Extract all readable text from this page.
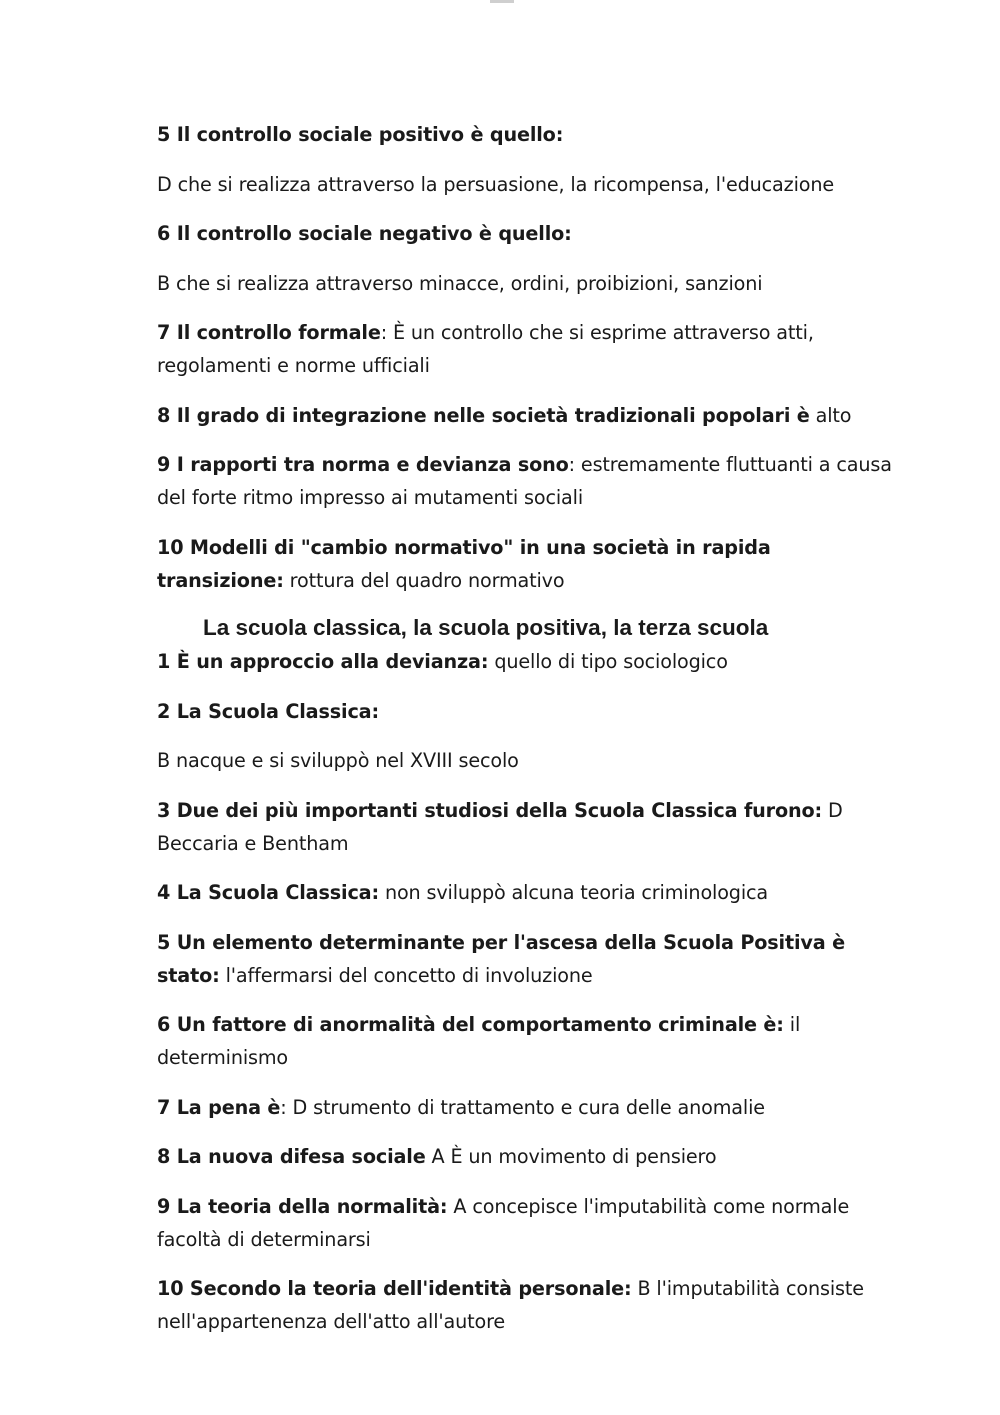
5 Il controllo sociale positivo è quello:

D che si realizza attraverso la persuasione, la ricompensa, l'educazione

6 Il controllo sociale negativo è quello:

B che si realizza attraverso minacce, ordini, proibizioni, sanzioni

7 Il controllo formale: È un controllo che si esprime attraverso atti, regolamenti e norme ufficiali

8 Il grado di integrazione nelle società tradizionali popolari è alto

9 I rapporti tra norma e devianza sono: estremamente fluttuanti a causa del forte ritmo impresso ai mutamenti sociali

10 Modelli di "cambio normativo" in una società in rapida transizione: rottura del quadro normativo

La scuola classica, la scuola positiva, la terza scuola

1 È un approccio alla devianza: quello di tipo sociologico

2 La Scuola Classica:

B nacque e si sviluppò nel XVIII secolo

3 Due dei più importanti studiosi della Scuola Classica furono: D Beccaria e Bentham

4 La Scuola Classica: non sviluppò alcuna teoria criminologica

5 Un elemento determinante per l'ascesa della Scuola Positiva è stato: l'affermarsi del concetto di involuzione

6 Un fattore di anormalità del comportamento criminale è: il determinismo

7 La pena è: D strumento di trattamento e cura delle anomalie

8 La nuova difesa sociale A È un movimento di pensiero

9 La teoria della normalità: A concepisce l'imputabilità come normale facoltà di determinarsi

10 Secondo la teoria dell'identità personale: B l'imputabilità consiste nell'appartenenza dell'atto all'autore
